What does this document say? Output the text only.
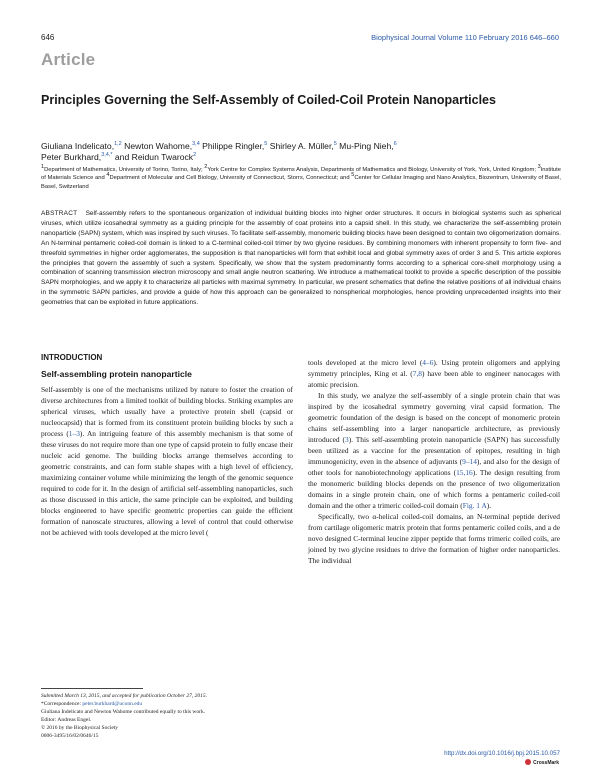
646	Biophysical Journal Volume 110 February 2016 646–660
Article
Principles Governing the Self-Assembly of Coiled-Coil Protein Nanoparticles
Giuliana Indelicato,$^{1,2}$ Newton Wahome,$^{3,4}$ Philippe Ringler,$^5$ Shirley A. Müller,$^5$ Mu-Ping Nieh,$^6$
Peter Burkhard,$^{3,4,*}$ and Reidun Twarock$^2$
$^1$Department of Mathematics, University of Torino, Torino, Italy; $^2$York Centre for Complex Systems Analysis, Departments of Mathematics and Biology, University of York, York, United Kingdom; $^3$Institute of Materials Science and $^4$Department of Molecular and Cell Biology, University of Connecticut, Storrs, Connecticut; and $^5$Center for Cellular Imaging and Nano Analytics, Biozentrum, University of Basel, Basel, Switzerland
ABSTRACT Self-assembly refers to the spontaneous organization of individual building blocks into higher order structures. It occurs in biological systems such as spherical viruses, which utilize icosahedral symmetry as a guiding principle for the assembly of coat proteins into a capsid shell. In this study, we characterize the self-assembling protein nanoparticle (SAPN) system, which was inspired by such viruses. To facilitate self-assembly, monomeric building blocks have been designed to contain two oligomerization domains. An N-terminal pentameric coiled-coil domain is linked to a C-terminal coiled-coil trimer by two glycine residues. By combining monomers with inherent propensity to form five- and threefold symmetries in higher order agglomerates, the supposition is that nanoparticles will form that exhibit local and global symmetry axes of order 3 and 5. This article explores the principles that govern the assembly of such a system. Specifically, we show that the system predominantly forms according to a spherical core-shell morphology using a combination of scanning transmission electron microscopy and small angle neutron scattering. We introduce a mathematical toolkit to provide a specific description of the possible SAPN morphologies, and we apply it to characterize all particles with maximal symmetry. In particular, we present schematics that define the relative positions of all individual chains in the symmetric SAPN particles, and provide a guide of how this approach can be generalized to nonspherical morphologies, hence providing unprecedented insights into their geometries that can be exploited in future applications.
INTRODUCTION
Self-assembling protein nanoparticle
Self-assembly is one of the mechanisms utilized by nature to foster the creation of diverse architectures from a limited toolkit of building blocks. Striking examples are spherical viruses, which usually have a protective protein shell (capsid or nucleocapsid) that is formed from its constituent protein building blocks by such a process (1–3). An intriguing feature of this assembly mechanism is that some of these viruses do not require more than one type of capsid protein to fully encase their nucleic acid genome. The building blocks arrange themselves according to geometric constraints, and can form stable shapes with a high level of efficiency, maximizing container volume while minimizing the length of the genomic sequence required to code for it. In the design of artificial self-assembling nanoparticles, such as those discussed in this article, the same principle can be exploited, and building blocks engineered to have specific geometric properties can guide the efficient formation of nanoscale structures, allowing a level of control that could otherwise not be achieved with tools developed at the micro level (

tools developed at the micro level (4–6). Using protein oligomers and applying symmetry principles, King et al. (7,8) have been able to engineer nanocages with atomic precision.

In this study, we analyze the self-assembly of a single protein chain that was inspired by the icosahedral symmetry governing viral capsid formation. The geometric foundation of the design is based on the concept of monomeric protein chains self-assembling into a larger nanoparticle architecture, as previously introduced (3). This self-assembling protein nanoparticle (SAPN) has successfully been utilized as a vaccine for the presentation of epitopes, resulting in high immunogenicity, even in the absence of adjuvants (9–14), and also for the design of other tools for nanobiotechnology applications (15,16). The design resulting from the monomeric building blocks depends on the presence of two oligomerization domains in a single protein chain, one of which forms a pentameric coiled-coil domain and the other a trimeric coiled-coil domain (Fig. 1 A).

Specifically, two α-helical coiled-coil domains, an N-terminal peptide derived from cartilage oligomeric matrix protein that forms pentameric coiled coils, and a de novo designed C-terminal leucine zipper peptide that forms trimeric coiled coils, are joined by two glycine residues to drive the formation of higher order nanoparticles. The individual

Submitted March 13, 2015, and accepted for publication October 27, 2015.
*Correspondence: peter.burkhard@uconn.edu
Giuliana Indelicato and Newton Wahome contributed equally to this work.
Editor: Andreas Engel.
© 2016 by the Biophysical Society
0006-3495/16/02/0646/15
http://dx.doi.org/10.1016/j.bpj.2015.10.057
CrossMark
